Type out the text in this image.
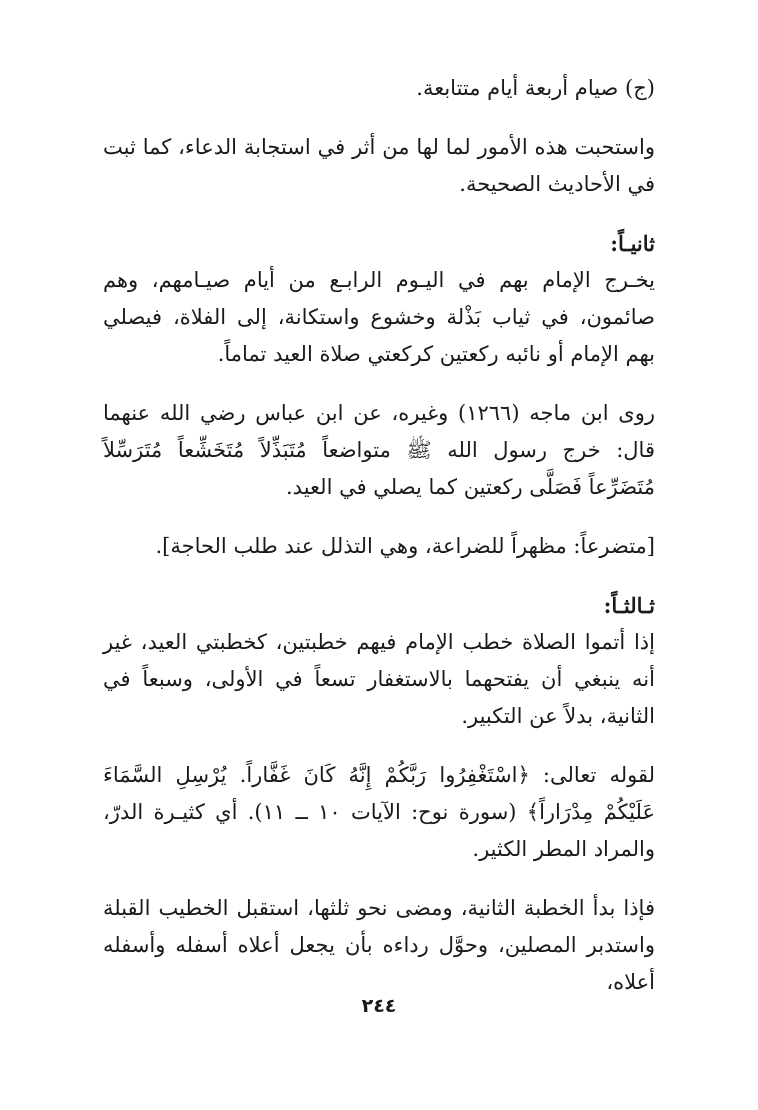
(ج) صيام أربعة أيام متتابعة.

واستحبت هذه الأمور لما لها من أثر في استجابة الدعاء، كما ثبت في الأحاديث الصحيحة.

ثانيـاً:

يخـرج الإمام بهم في اليـوم الرابـع من أيام صيـامهم، وهم صائمون، في ثياب بَذْلة وخشوع واستكانة، إلى الفلاة، فيصلي بهم الإمام أو نائبه ركعتين كركعتي صلاة العيد تماماً.

روى ابن ماجه (١٢٦٦) وغيره، عن ابن عباس رضي الله عنهما قال: خرج رسول الله ﷺ متواضعاً مُتَبَذِّلاً مُتَخَشِّعاً مُتَرَسِّلاً مُتَضَرِّعاً فَصَلَّى ركعتين كما يصلي في العيد.

[متضرعاً: مظهراً للضراعة، وهي التذلل عند طلب الحاجة].

ثـالثـاً:

إذا أتموا الصلاة خطب الإمام فيهم خطبتين، كخطبتي العيد، غير أنه ينبغي أن يفتحهما بالاستغفار تسعاً في الأولى، وسبعاً في الثانية، بدلاً عن التكبير.

لقوله تعالى: ﴿اسْتَغْفِرُوا رَبَّكُمْ إِنَّهُ كَانَ غَفَّاراً. يُرْسِلِ السَّمَاءَ عَلَيْكُمْ مِدْرَاراً﴾ (سورة نوح: الآيات ١٠ ــ ١١). أي كثيـرة الدرّ، والمراد المطر الكثير.

فإذا بدأ الخطبة الثانية، ومضى نحو ثلثها، استقبل الخطيب القبلة واستدبر المصلين، وحوَّل رداءه بأن يجعل أعلاه أسفله وأسفله أعلاه،

٢٤٤
